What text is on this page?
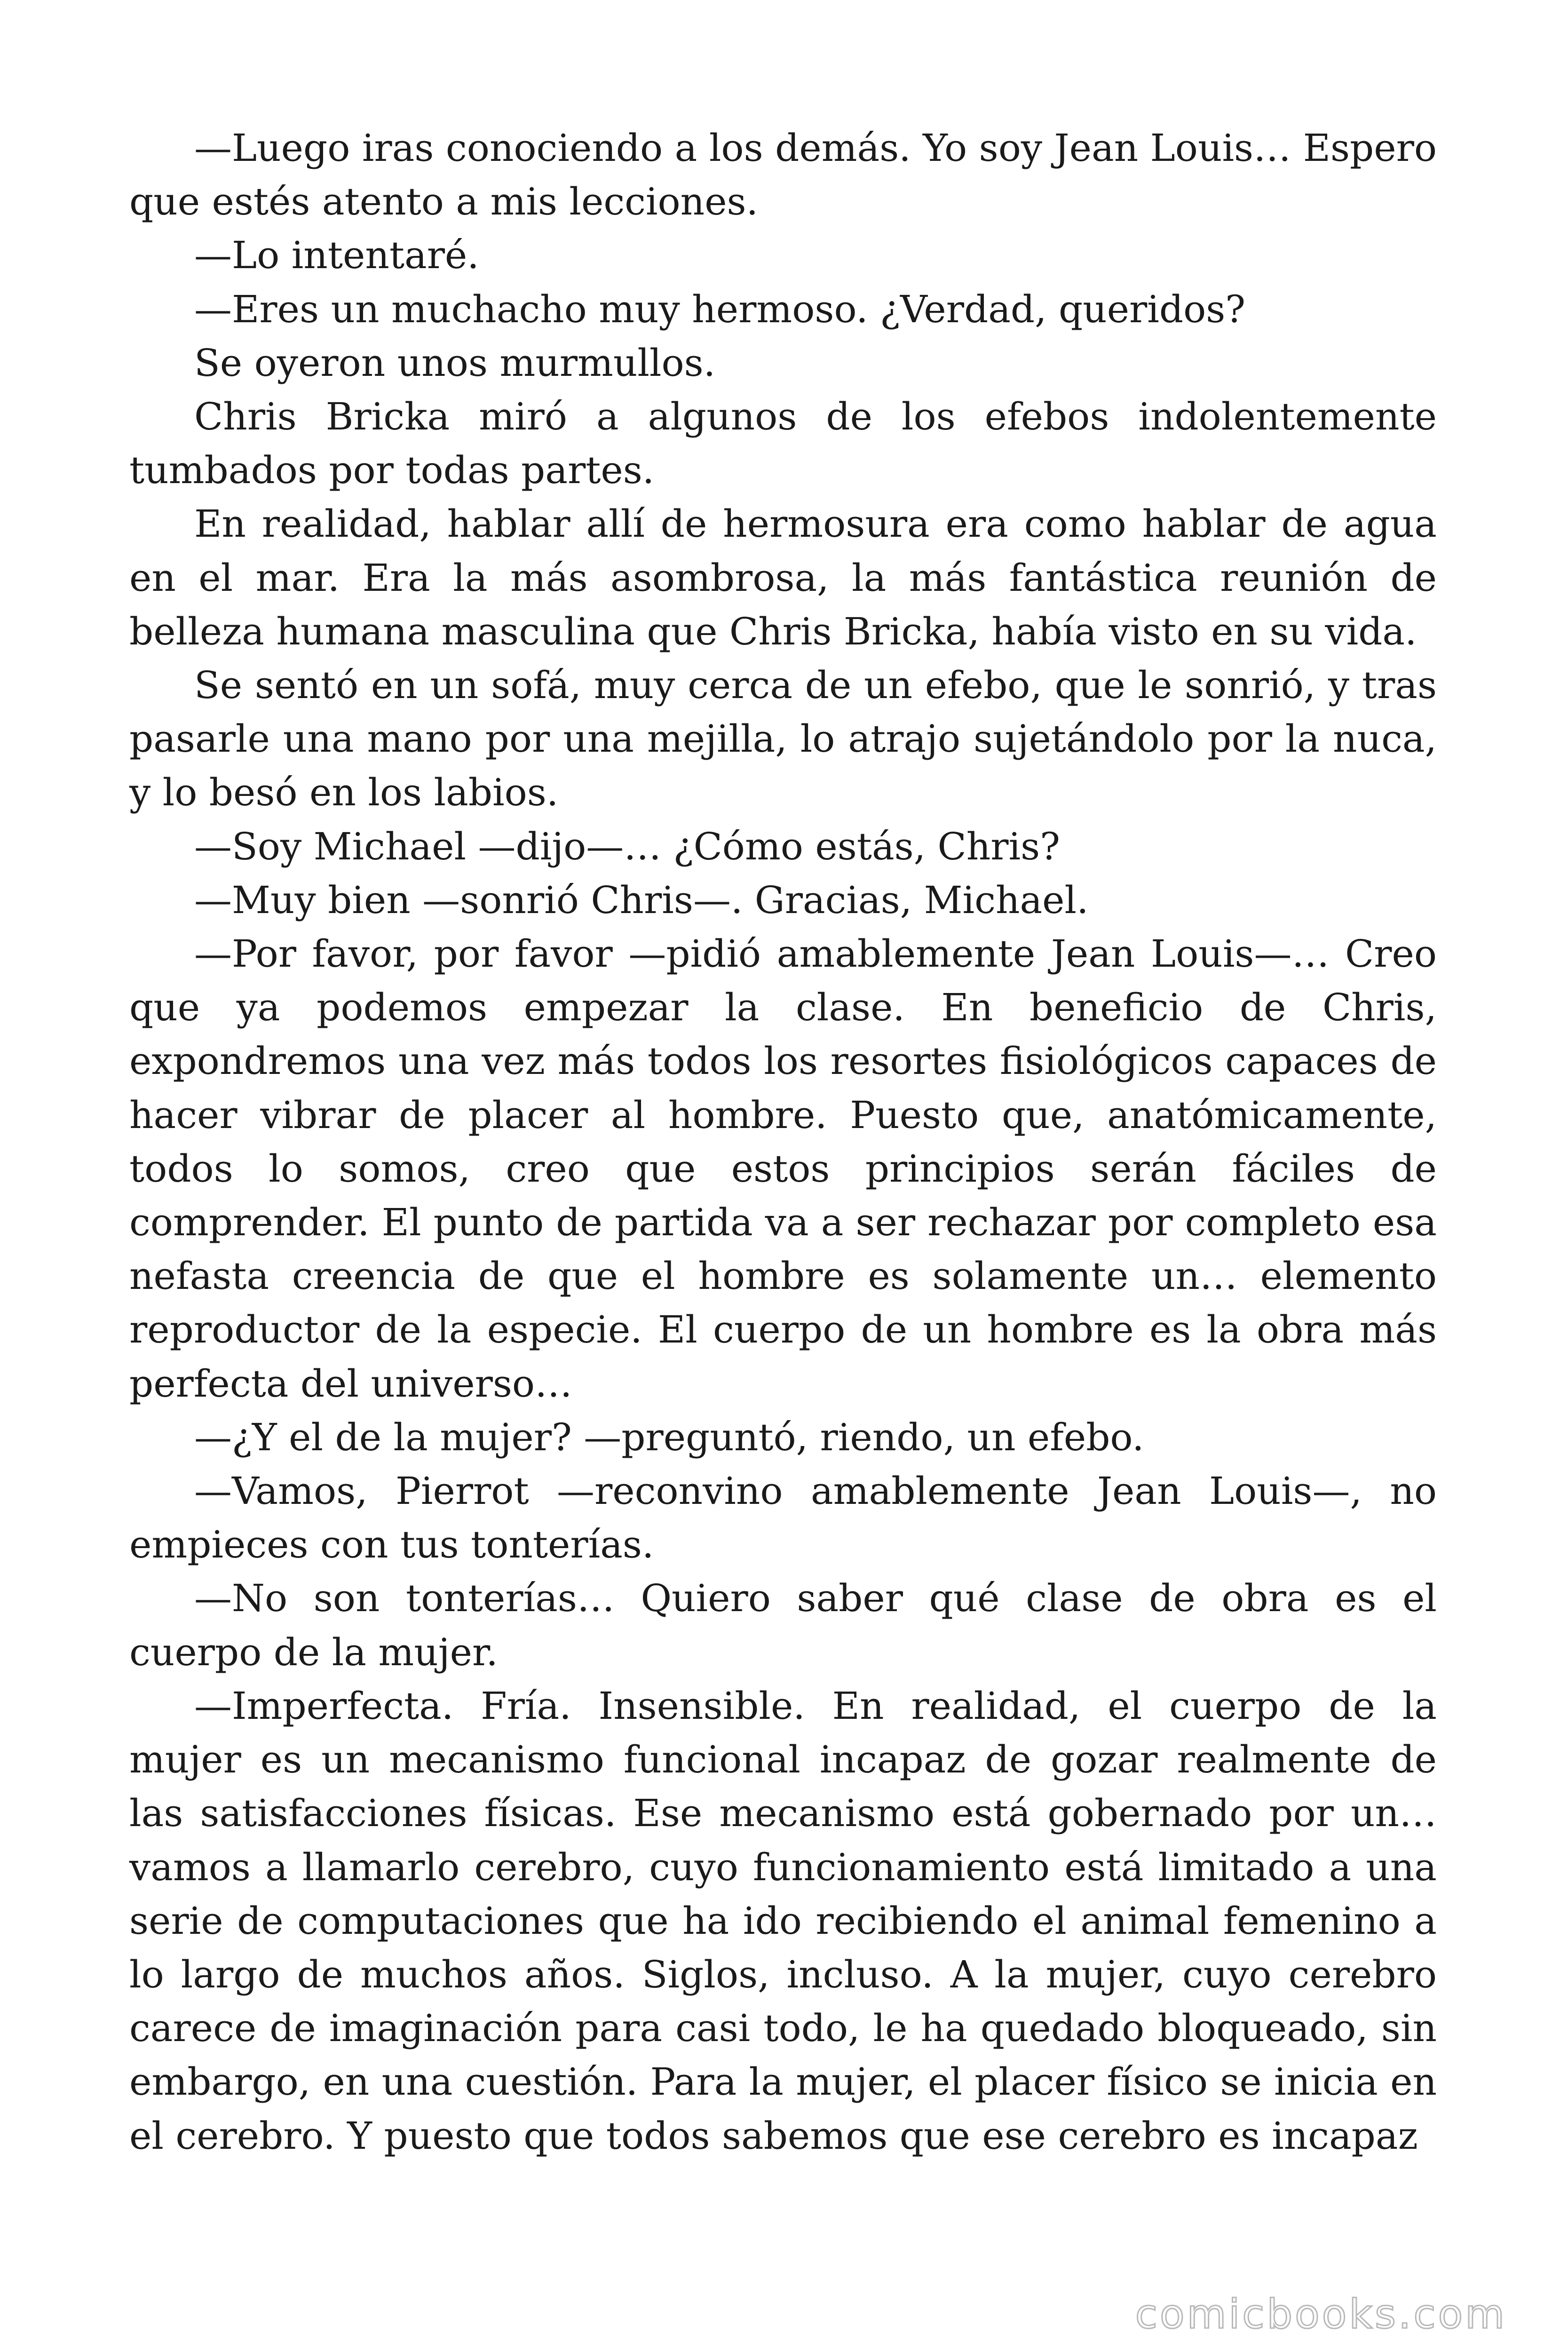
—Luego iras conociendo a los demás. Yo soy Jean Louis… Espero que estés atento a mis lecciones.

—Lo intentaré.

—Eres un muchacho muy hermoso. ¿Verdad, queridos?

Se oyeron unos murmullos.

Chris Bricka miró a algunos de los efebos indolentemente tumbados por todas partes.

En realidad, hablar allí de hermosura era como hablar de agua en el mar. Era la más asombrosa, la más fantástica reunión de belleza humana masculina que Chris Bricka, había visto en su vida.

Se sentó en un sofá, muy cerca de un efebo, que le sonrió, y tras pasarle una mano por una mejilla, lo atrajo sujetándolo por la nuca, y lo besó en los labios.

—Soy Michael —dijo—… ¿Cómo estás, Chris?

—Muy bien —sonrió Chris—. Gracias, Michael.

—Por favor, por favor —pidió amablemente Jean Louis—… Creo que ya podemos empezar la clase. En beneficio de Chris, expondremos una vez más todos los resortes fisiológicos capaces de hacer vibrar de placer al hombre. Puesto que, anatómicamente, todos lo somos, creo que estos principios serán fáciles de comprender. El punto de partida va a ser rechazar por completo esa nefasta creencia de que el hombre es solamente un… elemento reproductor de la especie. El cuerpo de un hombre es la obra más perfecta del universo…

—¿Y el de la mujer? —preguntó, riendo, un efebo.

—Vamos, Pierrot —reconvino amablemente Jean Louis—, no empieces con tus tonterías.

—No son tonterías… Quiero saber qué clase de obra es el cuerpo de la mujer.

—Imperfecta. Fría. Insensible. En realidad, el cuerpo de la mujer es un mecanismo funcional incapaz de gozar realmente de las satisfacciones físicas. Ese mecanismo está gobernado por un… vamos a llamarlo cerebro, cuyo funcionamiento está limitado a una serie de computaciones que ha ido recibiendo el animal femenino a lo largo de muchos años. Siglos, incluso. A la mujer, cuyo cerebro carece de imaginación para casi todo, le ha quedado bloqueado, sin embargo, en una cuestión. Para la mujer, el placer físico se inicia en el cerebro. Y puesto que todos sabemos que ese cerebro es incapaz

comicbooks.com
